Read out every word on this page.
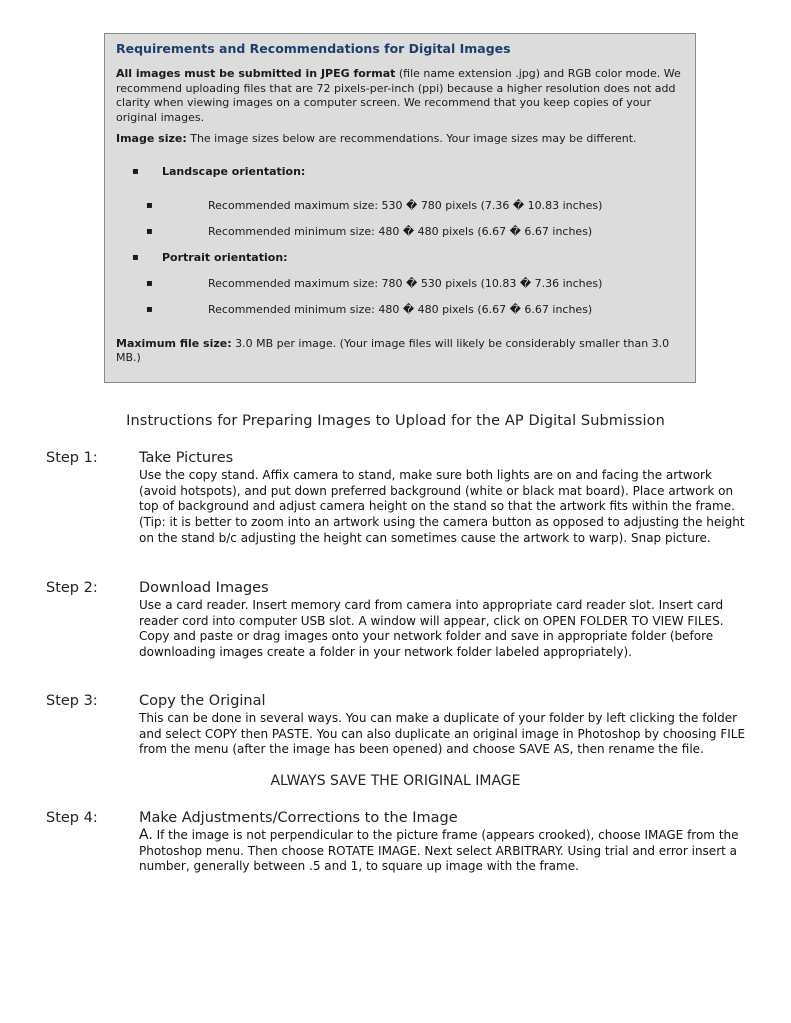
Requirements and Recommendations for Digital Images

All images must be submitted in JPEG format (file name extension .jpg) and RGB color mode. We recommend uploading files that are 72 pixels-per-inch (ppi) because a higher resolution does not add clarity when viewing images on a computer screen. We recommend that you keep copies of your original images.

Image size: The image sizes below are recommendations. Your image sizes may be different.

▪ Landscape orientation:
▪	Recommended maximum size: 530 � 780 pixels (7.36 � 10.83 inches)
▪	Recommended minimum size: 480 � 480 pixels (6.67 � 6.67 inches)
▪ Portrait orientation:
▪	Recommended maximum size: 780 � 530 pixels (10.83 � 7.36 inches)
▪	Recommended minimum size: 480 � 480 pixels (6.67 � 6.67 inches)

Maximum file size: 3.0 MB per image. (Your image files will likely be considerably smaller than 3.0 MB.)

Instructions for Preparing Images to Upload for the AP Digital Submission
Step 1:	Take Pictures
Use the copy stand. Affix camera to stand, make sure both lights are on and facing the artwork (avoid hotspots), and put down preferred background (white or black mat board). Place artwork on top of background and adjust camera height on the stand so that the artwork fits within the frame. (Tip: it is better to zoom into an artwork using the camera button as opposed to adjusting the height on the stand b/c adjusting the height can sometimes cause the artwork to warp). Snap picture.
Step 2:	Download Images
Use a card reader. Insert memory card from camera into appropriate card reader slot. Insert card reader cord into computer USB slot. A window will appear, click on OPEN FOLDER TO VIEW FILES. Copy and paste or drag images onto your network folder and save in appropriate folder (before downloading images create a folder in your network folder labeled appropriately).
Step 3:	Copy the Original
This can be done in several ways. You can make a duplicate of your folder by left clicking the folder and select COPY then PASTE. You can also duplicate an original image in Photoshop by choosing FILE from the menu (after the image has been opened) and choose SAVE AS, then rename the file.
ALWAYS SAVE THE ORIGINAL IMAGE
Step 4:	Make Adjustments/Corrections to the Image
A. If the image is not perpendicular to the picture frame (appears crooked), choose IMAGE from the Photoshop menu. Then choose ROTATE IMAGE. Next select ARBITRARY. Using trial and error insert a number, generally between .5 and 1, to square up image with the frame.
